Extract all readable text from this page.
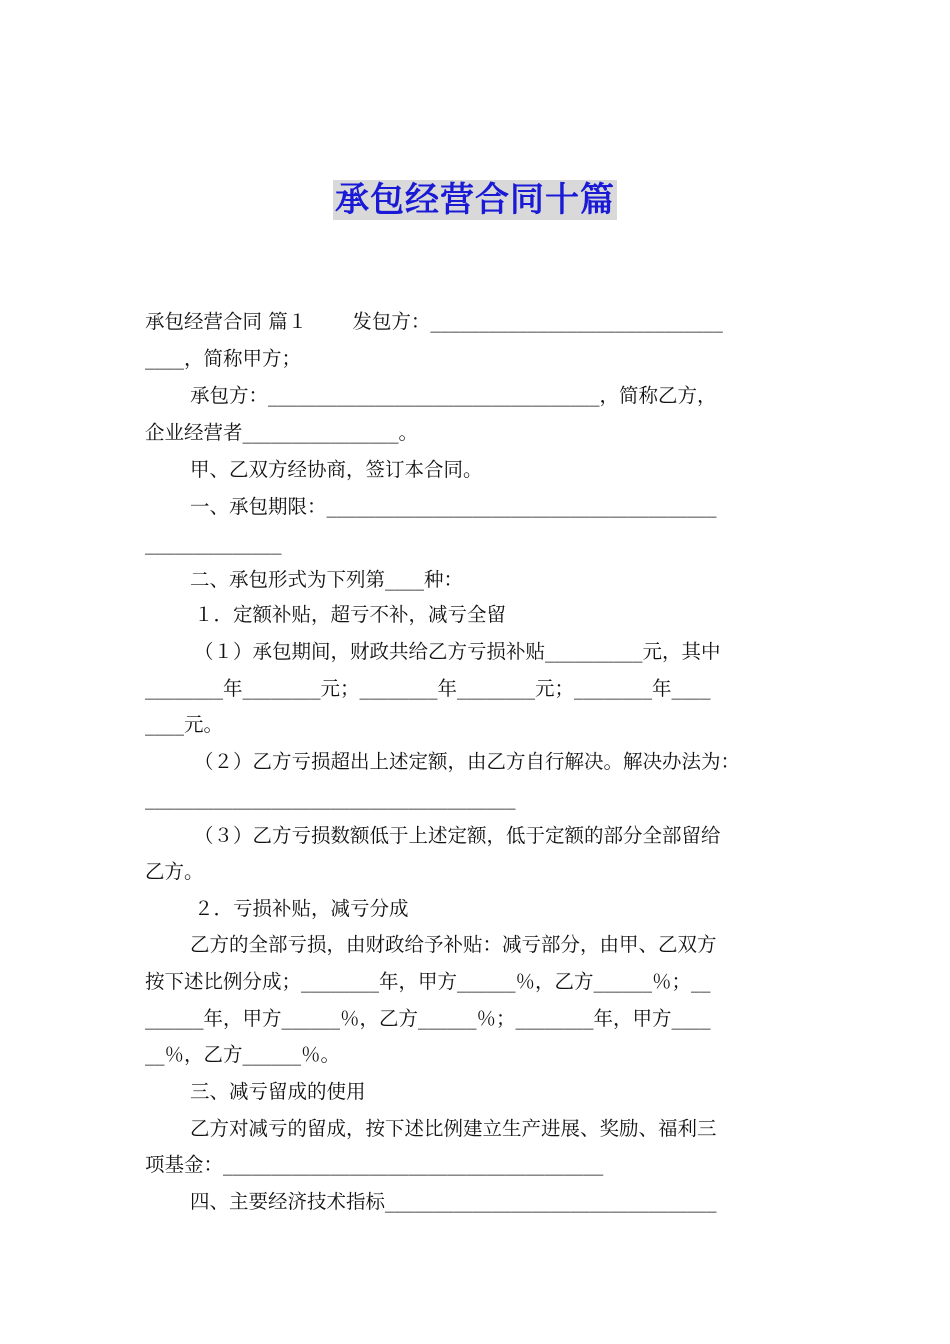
承包经营合同十篇
承包经营合同 篇１　　 发包方：______________________________
____，简称甲方；
承包方：__________________________________，简称乙方，
企业经营者________________。
甲、乙双方经协商，签订本合同。
一、承包期限：________________________________________
______________
二、承包形式为下列第____种：
１．定额补贴，超亏不补，减亏全留
（１）承包期间，财政共给乙方亏损补贴__________元，其中
________年________元；________年________元；________年____
____元。
（２）乙方亏损超出上述定额，由乙方自行解决。解决办法为：
______________________________________
（３）乙方亏损数额低于上述定额，低于定额的部分全部留给
乙方。
２．亏损补贴，减亏分成
乙方的全部亏损，由财政给予补贴：减亏部分，由甲、乙双方
按下述比例分成；________年，甲方______％，乙方______％；__
______年，甲方______％，乙方______％；________年，甲方____
__％，乙方______％。
三、减亏留成的使用
乙方对减亏的留成，按下述比例建立生产进展、奖励、福利三
项基金：_______________________________________
四、主要经济技术指标__________________________________
